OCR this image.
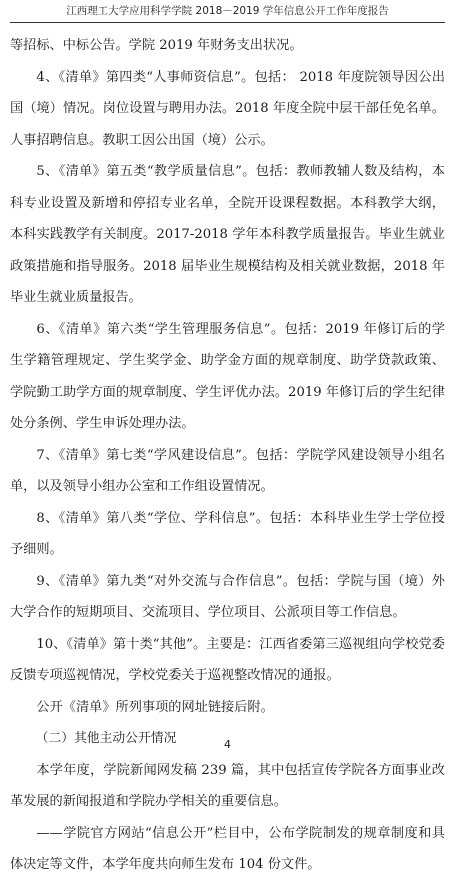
江西理工大学应用科学学院 2018－2019 学年信息公开工作年度报告

等招标、中标公告。学院 2019 年财务支出状况。

4、《清单》第四类“人事师资信息”。包括： 2018 年度院领导因公出国（境）情况。岗位设置与聘用办法。2018 年度全院中层干部任免名单。人事招聘信息。教职工因公出国（境）公示。

5、《清单》第五类“教学质量信息”。包括：教师教辅人数及结构，本科专业设置及新增和停招专业名单，全院开设课程数据。本科教学大纲，本科实践教学有关制度。2017-2018 学年本科教学质量报告。毕业生就业政策措施和指导服务。2018 届毕业生规模结构及相关就业数据，2018 年毕业生就业质量报告。

6、《清单》第六类“学生管理服务信息”。包括：2019 年修订后的学生学籍管理规定、学生奖学金、助学金方面的规章制度、助学贷款政策、学院勤工助学方面的规章制度、学生评优办法。2019 年修订后的学生纪律处分条例、学生申诉处理办法。

7、《清单》第七类“学风建设信息”。包括：学院学风建设领导小组名单，以及领导小组办公室和工作组设置情况。

8、《清单》第八类“学位、学科信息”。包括：本科毕业生学士学位授予细则。

9、《清单》第九类“对外交流与合作信息”。包括：学院与国（境）外大学合作的短期项目、交流项目、学位项目、公派项目等工作信息。

10、《清单》第十类“其他”。主要是：江西省委第三巡视组向学校党委反馈专项巡视情况，学校党委关于巡视整改情况的通报。

公开《清单》所列事项的网址链接后附。

（二）其他主动公开情况

本学年度，学院新闻网发稿 239 篇，其中包括宣传学院各方面事业改革发展的新闻报道和学院办学相关的重要信息。

——学院官方网站“信息公开”栏目中，公布学院制发的规章制度和具体决定等文件，本学年度共向师生发布 104 份文件。

4
